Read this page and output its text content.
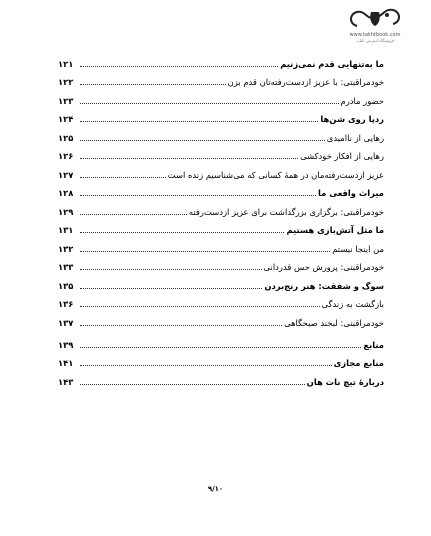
www.takhtbook.com
فروشگاه اینترنتی کتاب
ما به‌تنهایی قدم نمی‌زنیم	۱۲۱

خودمراقبتی: با عزیز ازدست‌رفته‌تان قدم بزن	۱۲۲

حضور مادرم	۱۲۳

ردپا روی شن‌ها	۱۲۴

رهایی از ناامیدی	۱۲۵

رهایی از افکار خودکشی	۱۲۶

عزیز ازدست‌رفته‌مان در همهٔ کسانی که می‌شناسیم زنده است	۱۲۷

میراث واقعی ما	۱۲۸

خودمراقبتی: برگزاری بزرگداشت برای عزیز ازدست‌رفته	۱۲۹

ما مثل آتش‌بازی هستیم	۱۳۱

من اینجا نیستم	۱۳۲

خودمراقبتی: پرورش حس قدردانی	۱۳۳

سوگ و شفقت: هنر رنج‌بردن	۱۳۵

بازگشت به زندگی	۱۳۶

خودمراقبتی: لبخند صبحگاهی	۱۳۷

منابع	۱۳۹

منابع مجازی	۱۴۱

دربارهٔ تیچ نات هان	۱۴۳
۹/۱۰
